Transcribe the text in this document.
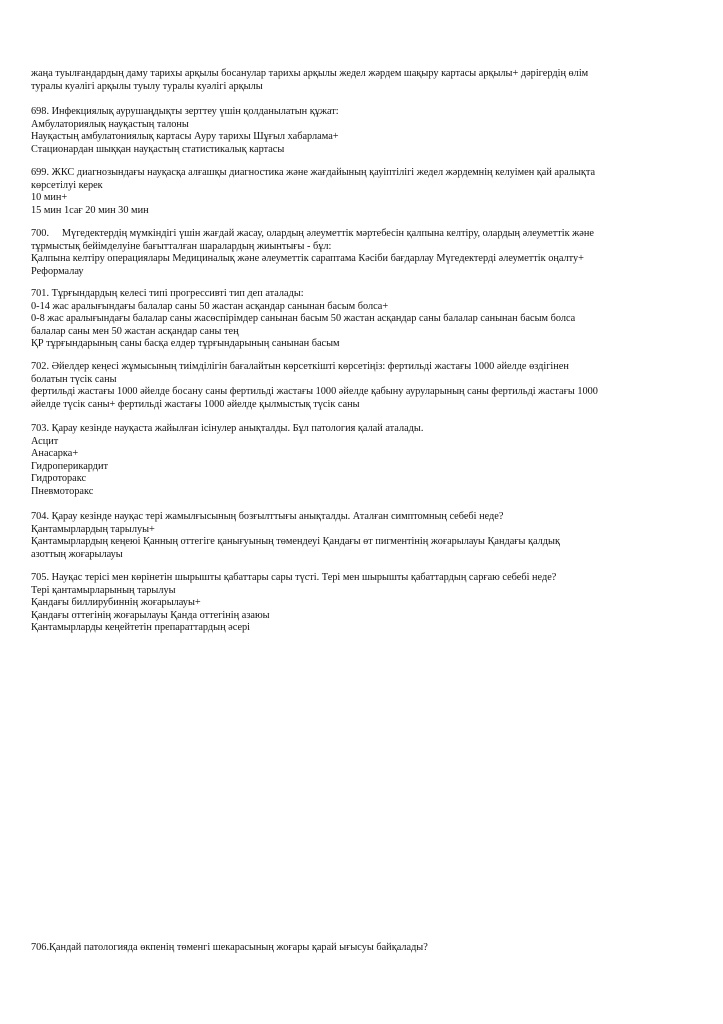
жаңа туылғандардың даму тарихы арқылы босанулар тарихы арқылы жедел жәрдем шақыру картасы арқылы+ дәрігердің өлім
туралы куәлігі арқылы туылу туралы куәлігі арқылы
698. Инфекциялық аурушаңдықты зерттеу үшін қолданылатын құжат:
Амбулаториялық науқастың талоны
Науқастың амбулатониялық картасы Ауру тарихы Шұғыл хабарлама+
Стационардан шыққан науқастың статистикалық картасы
699. ЖКС диагнозындағы науқасқа алғашқы диагностика және жағдайының қауіптілігі жедел жәрдемнің келуімен қай аралықта
көрсетілуі керек
10 мин+
15 мин 1сағ 20 мин 30 мин
700.     Мүгедектердің мүмкіндігі үшін жағдай жасау, олардың әлеуметтік мәртебесін қалпына келтіру, олардың әлеуметтік және
тұрмыстық бейімделуіне бағытталған шаралардың жиынтығы - бұл:
Қалпына келтіру операциялары Медициналық және әлеуметтік сараптама Кәсіби бағдарлау Мүгедектерді әлеуметтік оңалту+
Реформалау
701. Тұрғындардың келесі типі прогрессивті тип деп аталады:
0-14 жас аралығындағы балалар саны 50 жастан асқандар санынан басым болса+
0-8 жас аралығындағы балалар саны жасөспірімдер санынан басым 50 жастан асқандар саны балалар санынан басым болса
балалар саны мен 50 жастан асқандар саны тең
ҚР тұрғындарының саны басқа елдер тұрғындарының санынан басым
702. Әйелдер кеңесі жұмысының тиімділігін бағалайтын көрсеткішті көрсетіңіз: фертильді жастағы 1000 әйелде өздігінен
болатын түсік саны
фертильді жастағы 1000 әйелде босану саны фертильді жастағы 1000 әйелде қабыну ауруларының саны фертильді жастағы 1000
әйелде түсік саны+ фертильді жастағы 1000 әйелде қылмыстық түсік саны
703. Қарау кезінде науқаста жайылған ісінулер анықталды. Бұл патология қалай аталады.
Асцит
Анасарка+
Гидроперикардит
Гидроторакс
Пневмоторакс
704. Қарау кезінде науқас тері жамылғысының бозғылттығы анықталды. Аталған симптомның себебі неде?
Қантамырлардың тарылуы+
Қантамырлардың кеңеюі Қанның оттегіге қанығуының төмендеуі Қандағы өт пигментінің жоғарылауы Қандағы қалдық
азоттың жоғарылауы
705. Науқас терісі мен көрінетін шырышты қабаттары сары түсті. Тері мен шырышты қабаттардың сарғаю себебі неде?
Тері қантамырларының тарылуы
Қандағы биллирубиннің жоғарылауы+
Қандағы оттегінің жоғарылауы Қанда оттегінің азаюы
Қантамырларды кеңейтетін препараттардың әсері
706.Қандай патологияда өкпенің төменгі шекарасының жоғары қарай ығысуы байқалады?
